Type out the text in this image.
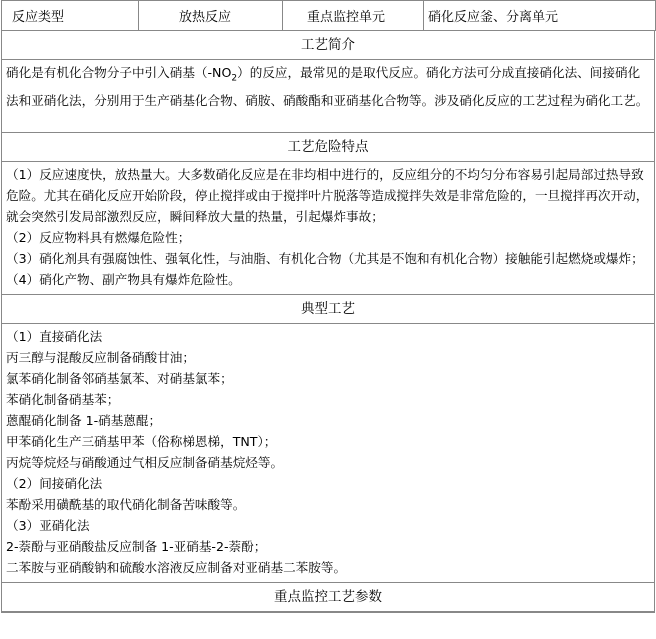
反应类型	放热反应	重点监控单元	硝化反应釜、分离单元
工艺简介
硝化是有机化合物分子中引入硝基$(-NO_2)$的反应，最常见的是取代反应。硝化方法可分成直接硝化法、间接硝化法和亚硝化法，分别用于生产硝基化合物、硝胺、硝酸酯和亚硝基化合物等。涉及硝化反应的工艺过程为硝化工艺。
工艺危险特点
（1）反应速度快，放热量大。大多数硝化反应是在非均相中进行的，反应组分的不均匀分布容易引起局部过热导致危险。尤其在硝化反应开始阶段，停止搅拌或由于搅拌叶片脱落等造成搅拌失效是非常危险的，一旦搅拌再次开动，就会突然引发局部激烈反应，瞬间释放大量的热量，引起爆炸事故；
（2）反应物料具有燃爆危险性；
（3）硝化剂具有强腐蚀性、强氧化性，与油脂、有机化合物（尤其是不饱和有机化合物）接触能引起燃烧或爆炸；
（4）硝化产物、副产物具有爆炸危险性。
典型工艺
（1）直接硝化法
丙三醇与混酸反应制备硝酸甘油；
氯苯硝化制备邻硝基氯苯、对硝基氯苯；
苯硝化制备硝基苯；
蒽醌硝化制备 1-硝基蒽醌；
甲苯硝化生产三硝基甲苯（俗称梯恩梯，TNT）；
丙烷等烷烃与硝酸通过气相反应制备硝基烷烃等。
（2）间接硝化法
苯酚采用磺酰基的取代硝化制备苦味酸等。
（3）亚硝化法
2-萘酚与亚硝酸盐反应制备 1-亚硝基-2-萘酚；
二苯胺与亚硝酸钠和硫酸水溶液反应制备对亚硝基二苯胺等。
重点监控工艺参数
